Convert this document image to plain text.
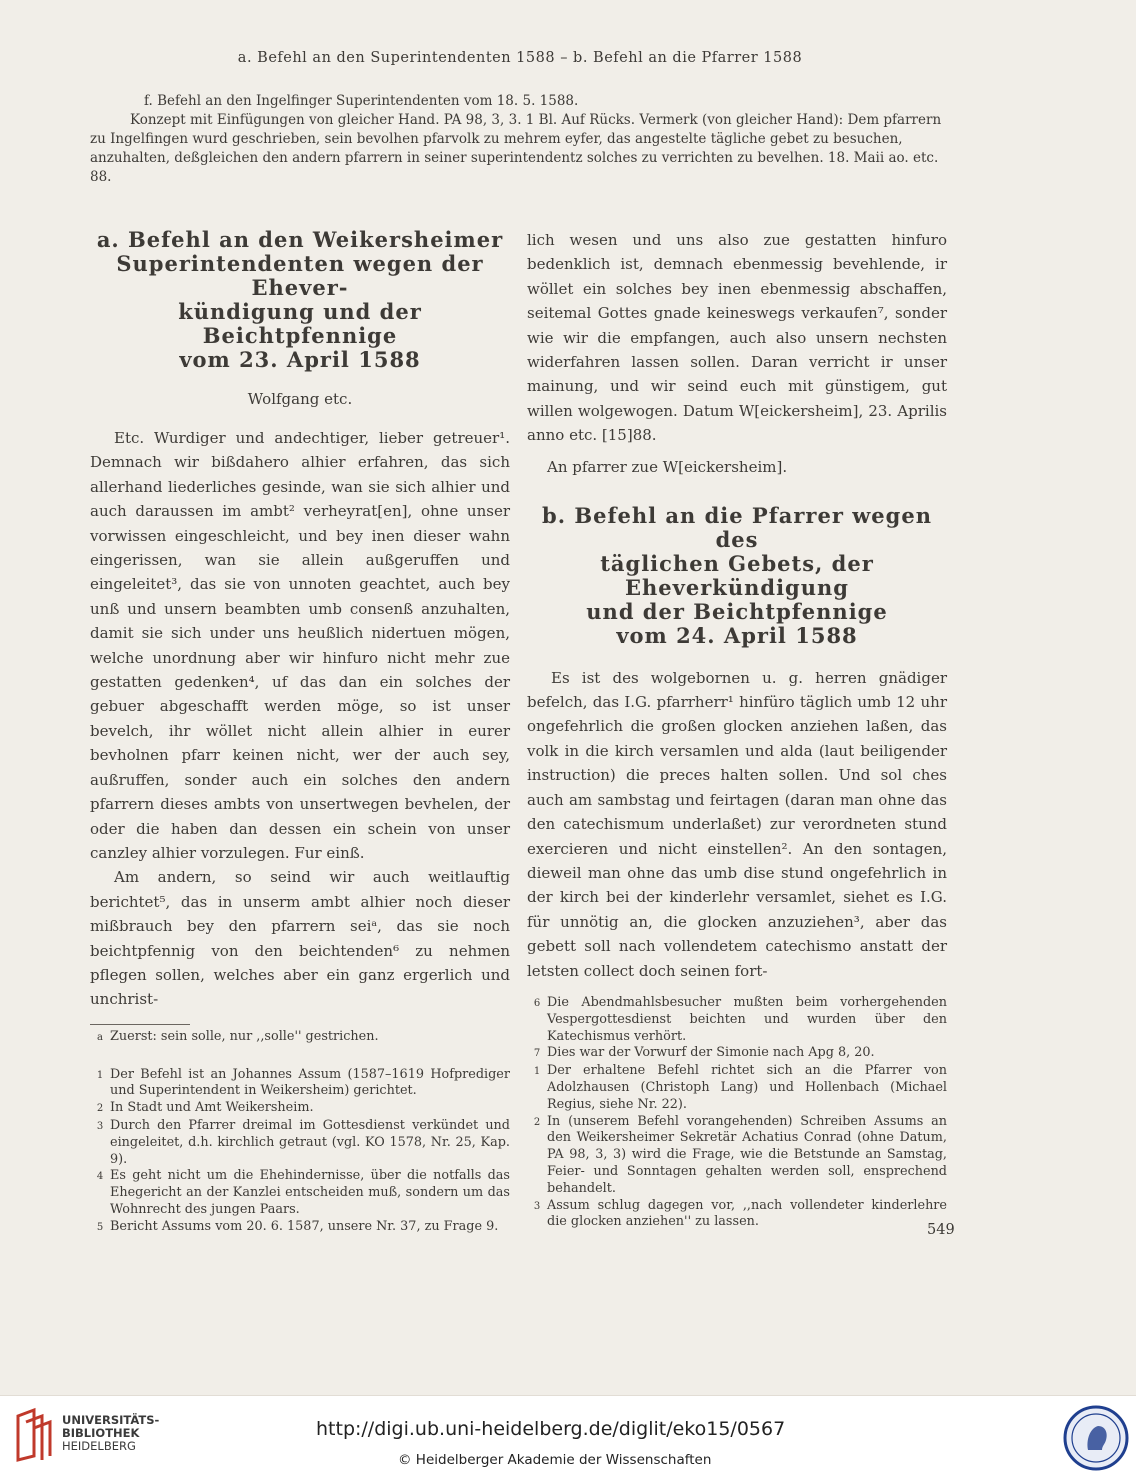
a. Befehl an den Superintendenten 1588 – b. Befehl an die Pfarrer 1588
f. Befehl an den Ingelfinger Superintendenten vom 18. 5. 1588.

Konzept mit Einfügungen von gleicher Hand. PA 98, 3, 3. 1 Bl. Auf Rücks. Vermerk (von gleicher Hand): Dem pfarrern zu Ingelfingen wurd geschrieben, sein bevolhen pfarvolk zu mehrem eyfer, das angestelte tägliche gebet zu besuchen, anzuhalten, deßgleichen den andern pfarrern in seiner superintendentz solches zu verrichten zu bevelhen. 18. Maii ao. etc. 88.

a. Befehl an den Weikersheimer
Superintendenten wegen der Ehever-
kündigung und der Beichtpfennige
vom 23. April 1588
Wolfgang etc.

Etc. Wurdiger und andechtiger, lieber getreuer¹. Demnach wir bißdahero alhier erfahren, das sich allerhand liederliches gesinde, wan sie sich alhier und auch daraussen im ambt² verheyrat[en], ohne unser vorwissen eingeschleicht, und bey inen dieser wahn eingerissen, wan sie allein außgeruffen und eingeleitet³, das sie von unnoten geachtet, auch bey unß und unsern beambten umb consenß anzuhalten, damit sie sich under uns heußlich nidertuen mögen, welche unordnung aber wir hinfuro nicht mehr zue gestatten gedenken⁴, uf das dan ein solches der gebuer abgeschafft werden möge, so ist unser bevelch, ihr wöllet nicht allein alhier in eurer bevholnen pfarr keinen nicht, wer der auch sey, außruffen, sonder auch ein solches den andern pfarrern dieses ambts von unsertwegen bevhelen, der oder die haben dan dessen ein schein von unser canzley alhier vorzulegen. Fur einß.

Am andern, so seind wir auch weitlauftig berichtet⁵, das in unserm ambt alhier noch dieser mißbrauch bey den pfarrern seiᵃ, das sie noch beichtpfennig von den beichtenden⁶ zu nehmen pflegen sollen, welches aber ein ganz ergerlich und unchrist-

a Zuerst: sein solle, nur ,,solle'' gestrichen.
1 Der Befehl ist an Johannes Assum (1587–1619 Hofprediger und Superintendent in Weikersheim) gerichtet.
2 In Stadt und Amt Weikersheim.
3 Durch den Pfarrer dreimal im Gottesdienst verkündet und eingeleitet, d.h. kirchlich getraut (vgl. KO 1578, Nr. 25, Kap. 9).
4 Es geht nicht um die Ehehindernisse, über die notfalls das Ehegericht an der Kanzlei entscheiden muß, sondern um das Wohnrecht des jungen Paars.
5 Bericht Assums vom 20. 6. 1587, unsere Nr. 37, zu Frage 9.

lich wesen und uns also zue gestatten hinfuro bedenklich ist, demnach ebenmessig bevehlende, ir wöllet ein solches bey inen ebenmessig abschaffen, seitemal Gottes gnade keineswegs verkaufen⁷, sonder wie wir die empfangen, auch also unsern nechsten widerfahren lassen sollen. Daran verricht ir unser mainung, und wir seind euch mit günstigem, gut willen wolgewogen. Datum W[eickersheim], 23. Aprilis anno etc. [15]88.

An pfarrer zue W[eickersheim].
b. Befehl an die Pfarrer wegen des
täglichen Gebets, der Eheverkündigung
und der Beichtpfennige
vom 24. April 1588

Es ist des wolgebornen u. g. herren gnädiger befelch, das I.G. pfarrherr¹ hinfüro täglich umb 12 uhr ongefehrlich die großen glocken anziehen laßen, das volk in die kirch versamlen und alda (laut beiligender instruction) die preces halten sollen. Und sol ches auch am sambstag und feirtagen (daran man ohne das den catechismum underlaßet) zur verordneten stund exercieren und nicht einstellen². An den sontagen, dieweil man ohne das umb dise stund ongefehrlich in der kirch bei der kinderlehr versamlet, siehet es I.G. für unnötig an, die glocken anzuziehen³, aber das gebett soll nach vollendetem catechismo anstatt der letsten collect doch seinen fort-

6 Die Abendmahlsbesucher mußten beim vorhergehenden Vespergottesdienst beichten und wurden über den Katechismus verhört.
7 Dies war der Vorwurf der Simonie nach Apg 8, 20.
1 Der erhaltene Befehl richtet sich an die Pfarrer von Adolzhausen (Christoph Lang) und Hollenbach (Michael Regius, siehe Nr. 22).
2 In (unserem Befehl vorangehenden) Schreiben Assums an den Weikersheimer Sekretär Achatius Conrad (ohne Datum, PA 98, 3, 3) wird die Frage, wie die Betstunde an Samstag, Feier- und Sonntagen gehalten werden soll, ensprechend behandelt.
3 Assum schlug dagegen vor, ,,nach vollendeter kinderlehre die glocken anziehen'' zu lassen.
549
UNIVERSITÄTS-
BIBLIOTHEK
HEIDELBERG
http://digi.ub.uni-heidelberg.de/diglit/eko15/0567
© Heidelberger Akademie der Wissenschaften
